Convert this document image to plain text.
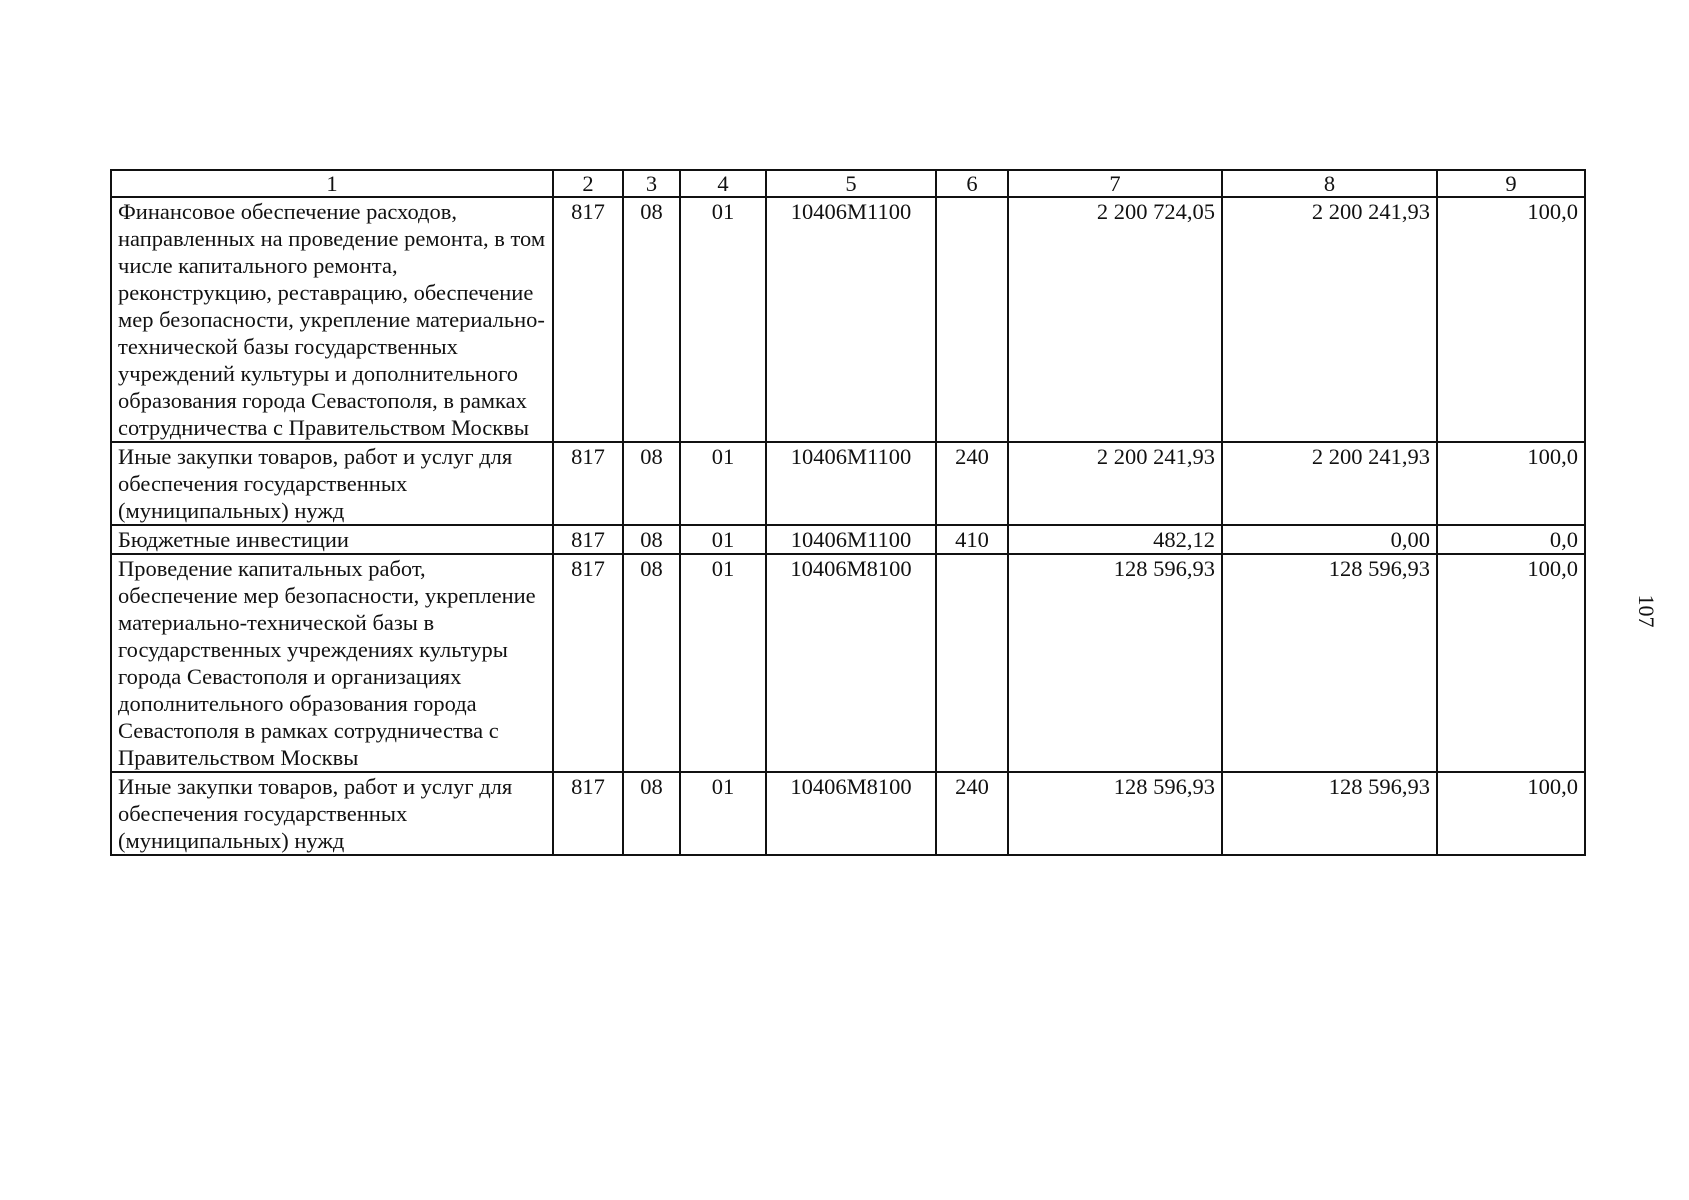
1	2	3	4	5	6	7	8	9
Финансовое обеспечение расходов, направленных на проведение ремонта, в том числе капитального ремонта, реконструкцию, реставрацию, обеспечение мер безопасности, укрепление материально-технической базы государственных учреждений культуры и дополнительного образования города Севастополя, в рамках сотрудничества с Правительством Москвы	817	08	01	10406М1100		2 200 724,05	2 200 241,93	100,0
Иные закупки товаров, работ и услуг для обеспечения государственных (муниципальных) нужд	817	08	01	10406М1100	240	2 200 241,93	2 200 241,93	100,0
Бюджетные инвестиции	817	08	01	10406М1100	410	482,12	0,00	0,0
Проведение капитальных работ, обеспечение мер безопасности, укрепление материально-технической базы в государственных учреждениях культуры города Севастополя и организациях дополнительного образования города Севастополя в рамках сотрудничества с Правительством Москвы	817	08	01	10406М8100		128 596,93	128 596,93	100,0
Иные закупки товаров, работ и услуг для обеспечения государственных (муниципальных) нужд	817	08	01	10406М8100	240	128 596,93	128 596,93	100,0
107
